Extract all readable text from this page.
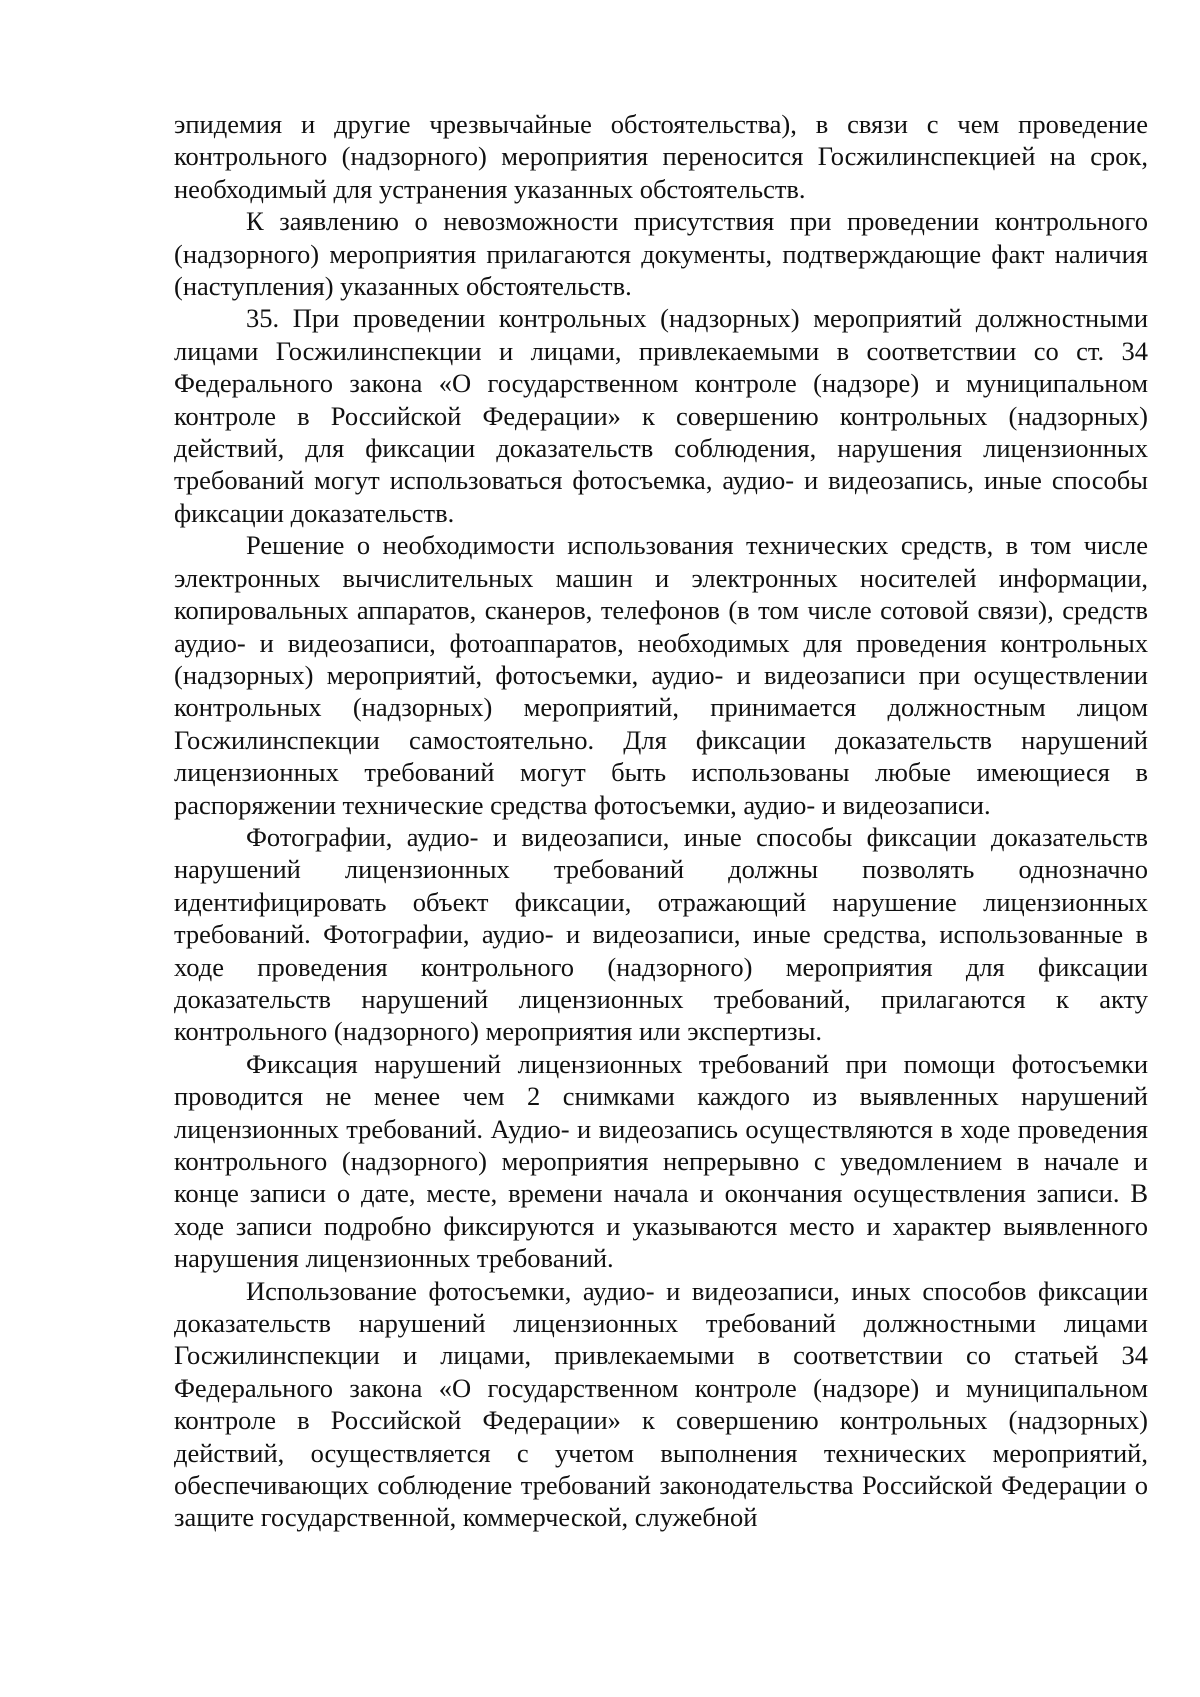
эпидемия и другие чрезвычайные обстоятельства), в связи с чем проведение контрольного (надзорного) мероприятия переносится Госжилинспекцией на срок, необходимый для устранения указанных обстоятельств.

К заявлению о невозможности присутствия при проведении контрольного (надзорного) мероприятия прилагаются документы, подтверждающие факт наличия (наступления) указанных обстоятельств.

35. При проведении контрольных (надзорных) мероприятий должностными лицами Госжилинспекции и лицами, привлекаемыми в соответствии со ст. 34 Федерального закона «О государственном контроле (надзоре) и муниципальном контроле в Российской Федерации» к совершению контрольных (надзорных) действий, для фиксации доказательств соблюдения, нарушения лицензионных требований могут использоваться фотосъемка, аудио- и видеозапись, иные способы фиксации доказательств.

Решение о необходимости использования технических средств, в том числе электронных вычислительных машин и электронных носителей информации, копировальных аппаратов, сканеров, телефонов (в том числе сотовой связи), средств аудио- и видеозаписи, фотоаппаратов, необходимых для проведения контрольных (надзорных) мероприятий, фотосъемки, аудио- и видеозаписи при осуществлении контрольных (надзорных) мероприятий, принимается должностным лицом Госжилинспекции самостоятельно. Для фиксации доказательств нарушений лицензионных требований могут быть использованы любые имеющиеся в распоряжении технические средства фотосъемки, аудио- и видеозаписи.

Фотографии, аудио- и видеозаписи, иные способы фиксации доказательств нарушений лицензионных требований должны позволять однозначно идентифицировать объект фиксации, отражающий нарушение лицензионных требований. Фотографии, аудио- и видеозаписи, иные средства, использованные в ходе проведения контрольного (надзорного) мероприятия для фиксации доказательств нарушений лицензионных требований, прилагаются к акту контрольного (надзорного) мероприятия или экспертизы.

Фиксация нарушений лицензионных требований при помощи фотосъемки проводится не менее чем 2 снимками каждого из выявленных нарушений лицензионных требований. Аудио- и видеозапись осуществляются в ходе проведения контрольного (надзорного) мероприятия непрерывно с уведомлением в начале и конце записи о дате, месте, времени начала и окончания осуществления записи. В ходе записи подробно фиксируются и указываются место и характер выявленного нарушения лицензионных требований.

Использование фотосъемки, аудио- и видеозаписи, иных способов фиксации доказательств нарушений лицензионных требований должностными лицами Госжилинспекции и лицами, привлекаемыми в соответствии со статьей 34 Федерального закона «О государственном контроле (надзоре) и муниципальном контроле в Российской Федерации» к совершению контрольных (надзорных) действий, осуществляется с учетом выполнения технических мероприятий, обеспечивающих соблюдение требований законодательства Российской Федерации о защите государственной, коммерческой, служебной
